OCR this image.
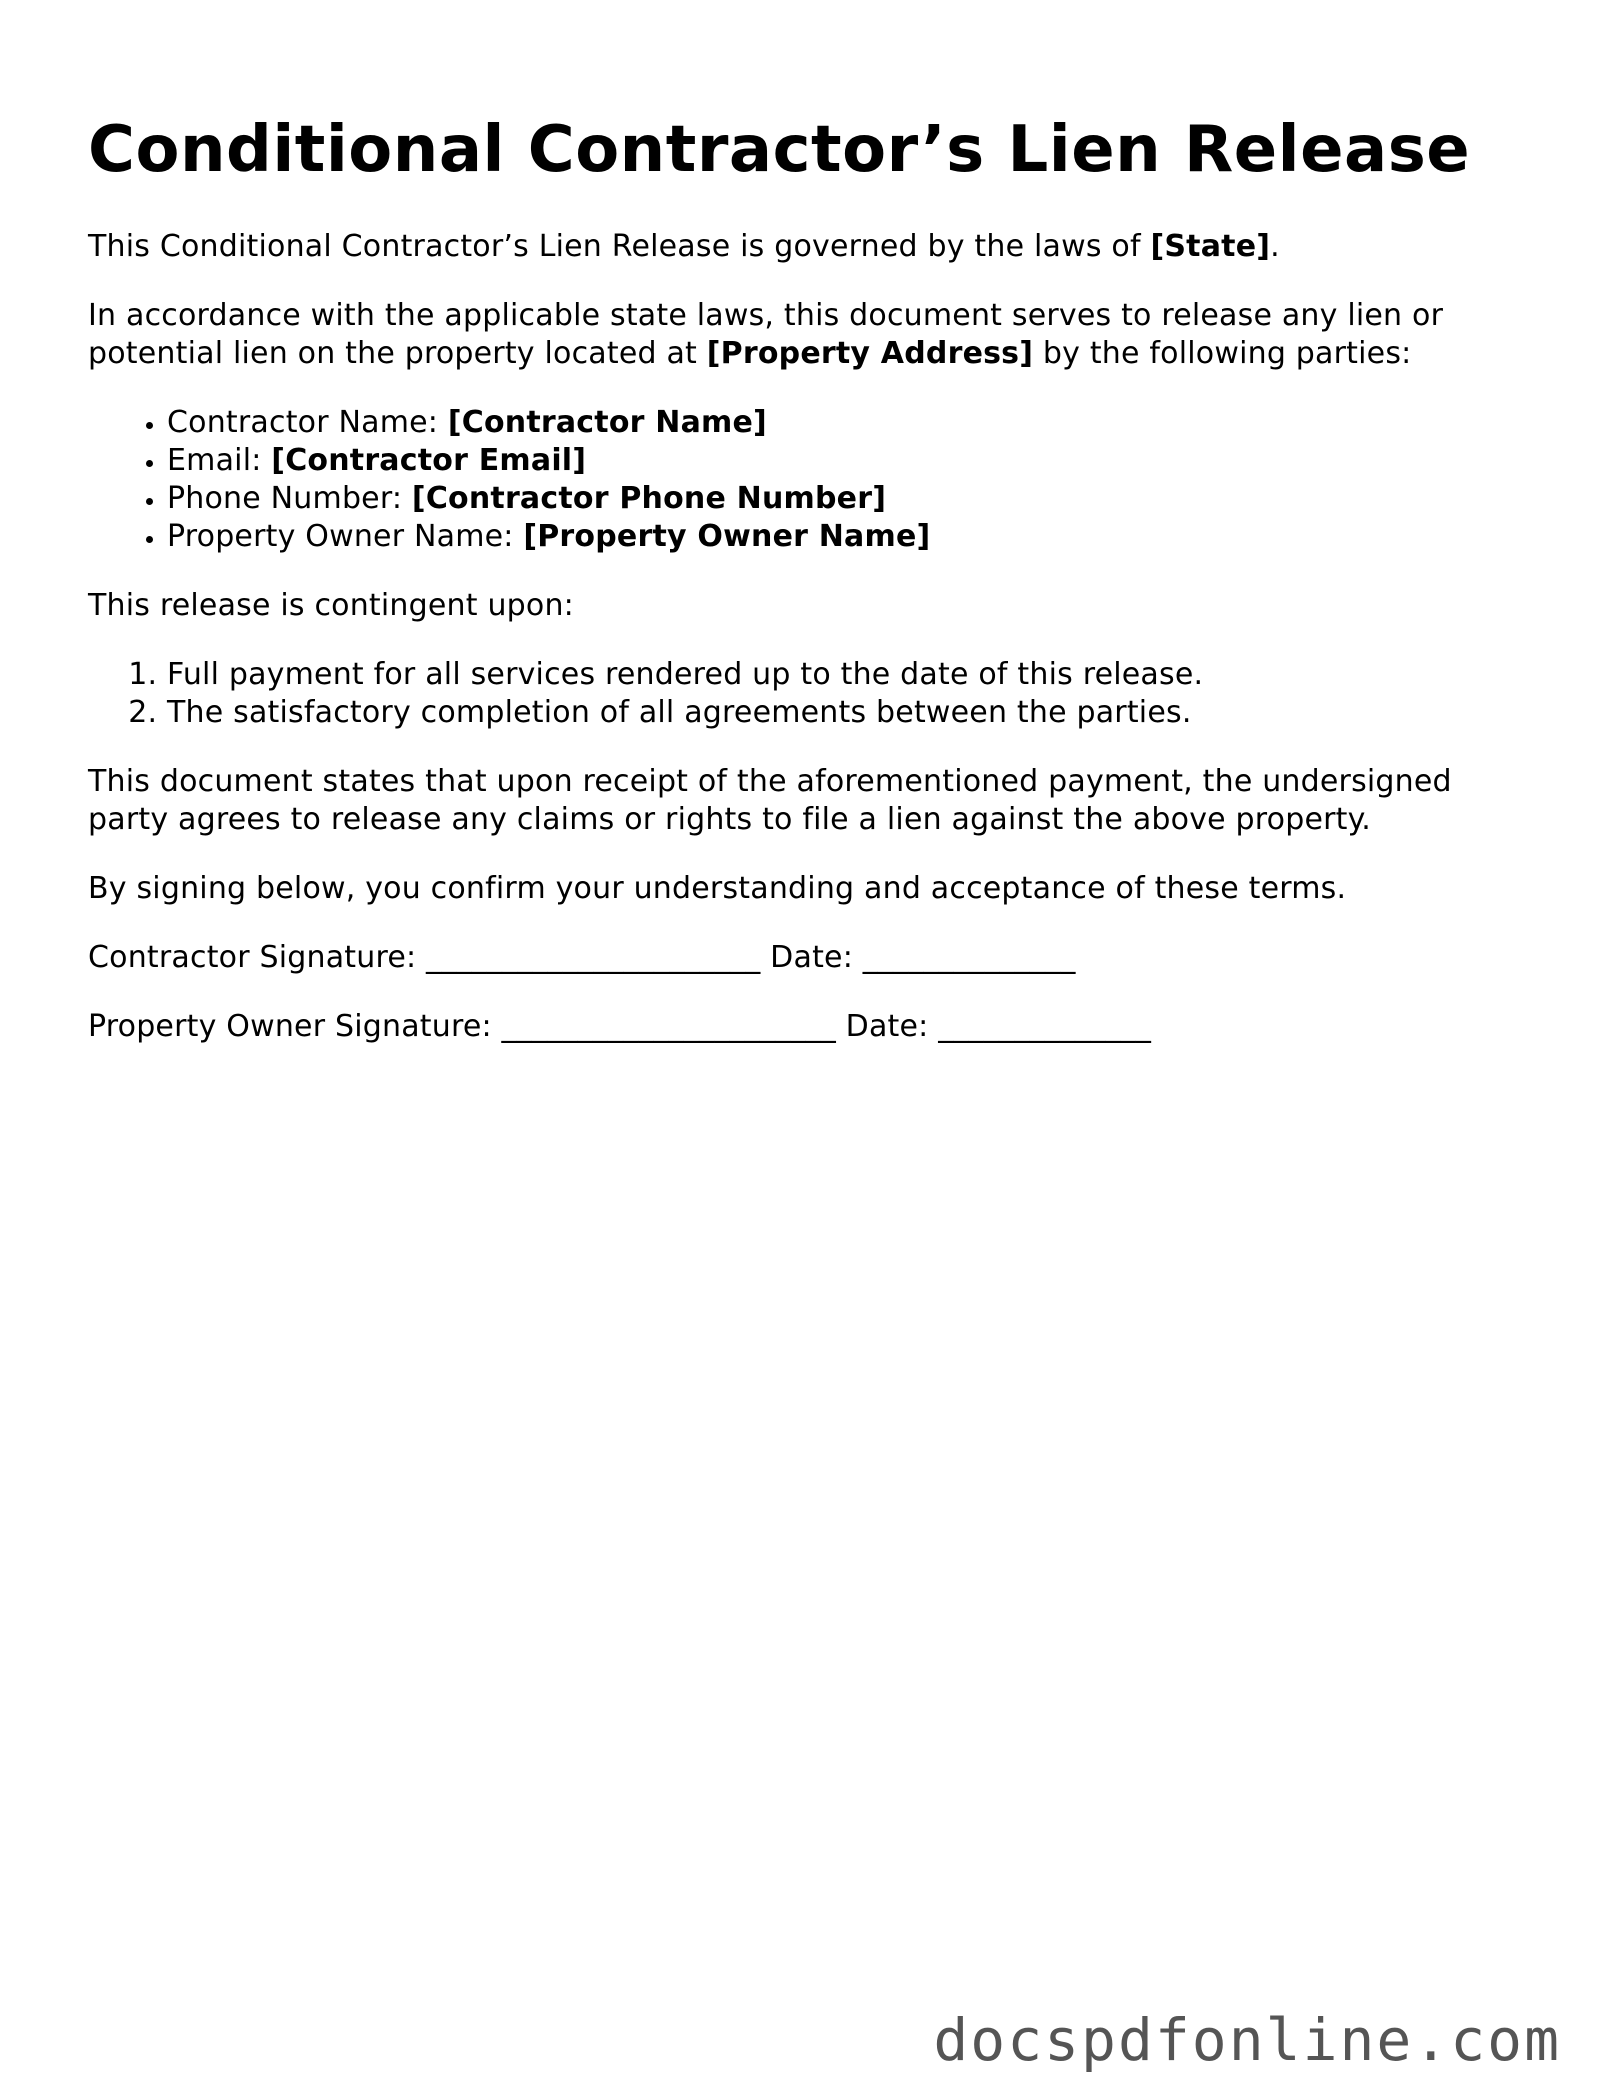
Conditional Contractor’s Lien Release

This Conditional Contractor’s Lien Release is governed by the laws of [State].

In accordance with the applicable state laws, this document serves to release any lien or potential lien on the property located at [Property Address] by the following parties:

• Contractor Name: [Contractor Name]
• Email: [Contractor Email]
• Phone Number: [Contractor Phone Number]
• Property Owner Name: [Property Owner Name]

This release is contingent upon:

1. Full payment for all services rendered up to the date of this release.
2. The satisfactory completion of all agreements between the parties.

This document states that upon receipt of the aforementioned payment, the undersigned party agrees to release any claims or rights to file a lien against the above property.

By signing below, you confirm your understanding and acceptance of these terms.

Contractor Signature: ______________________ Date: ______________

Property Owner Signature: ______________________ Date: ______________

docspdfonline.com
